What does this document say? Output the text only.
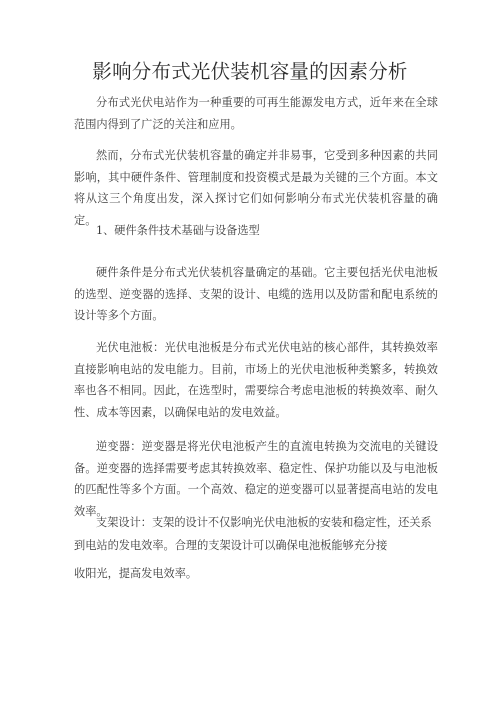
影响分布式光伏装机容量的因素分析

分布式光伏电站作为一种重要的可再生能源发电方式，近年来在全球范围内得到了广泛的关注和应用。

然而，分布式光伏装机容量的确定并非易事，它受到多种因素的共同影响，其中硬件条件、管理制度和投资模式是最为关键的三个方面。本文将从这三个角度出发，深入探讨它们如何影响分布式光伏装机容量的确定。

1、硬件条件技术基础与设备选型

硬件条件是分布式光伏装机容量确定的基础。它主要包括光伏电池板的选型、逆变器的选择、支架的设计、电缆的选用以及防雷和配电系统的设计等多个方面。

光伏电池板：光伏电池板是分布式光伏电站的核心部件，其转换效率直接影响电站的发电能力。目前，市场上的光伏电池板种类繁多，转换效率也各不相同。因此，在选型时，需要综合考虑电池板的转换效率、耐久性、成本等因素，以确保电站的发电效益。

逆变器：逆变器是将光伏电池板产生的直流电转换为交流电的关键设备。逆变器的选择需要考虑其转换效率、稳定性、保护功能以及与电池板的匹配性等多个方面。一个高效、稳定的逆变器可以显著提高电站的发电效率。

支架设计：支架的设计不仅影响光伏电池板的安装和稳定性，还关系
到电站的发电效率。合理的支架设计可以确保电池板能够充分接
收阳光，提高发电效率。
